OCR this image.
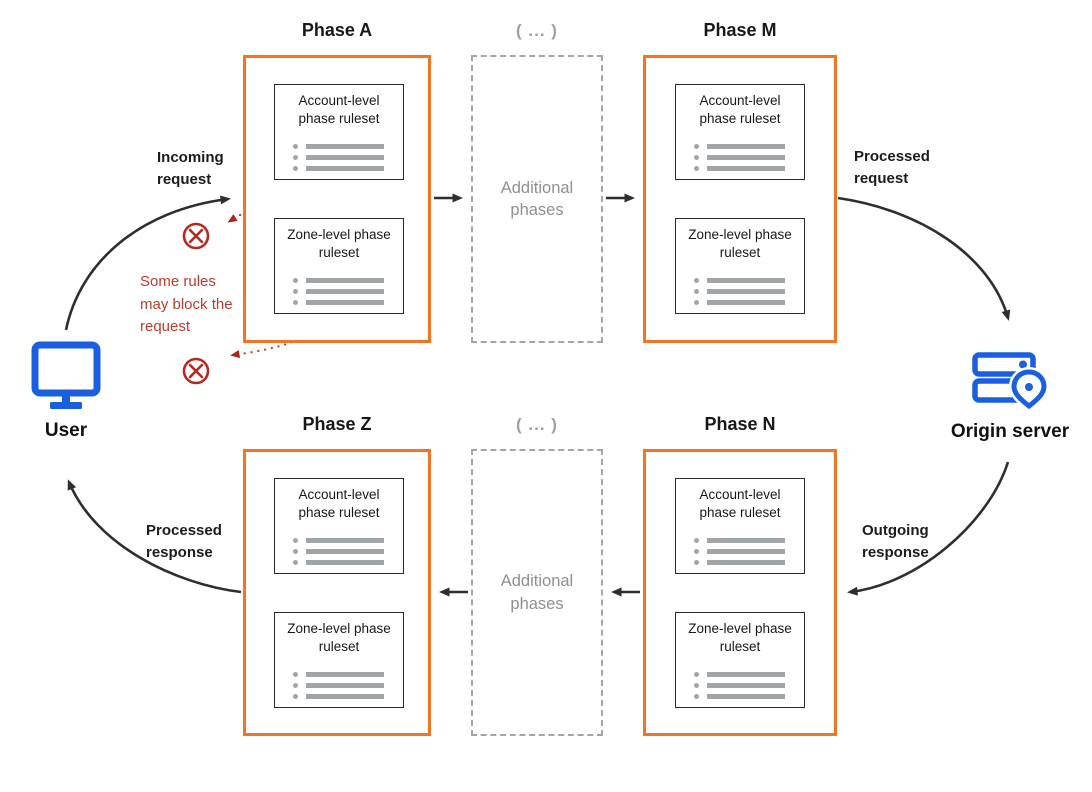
Phase A	( ... )	Phase M
Account-level phase ruleset
Zone-level phase ruleset
Additional phases
Account-level phase ruleset
Zone-level phase ruleset
Phase Z	( ... )	Phase N
Account-level phase ruleset
Zone-level phase ruleset
Additional phases
Account-level phase ruleset
Zone-level phase ruleset
User	Origin server
Incoming request
Processed request
Outgoing response
Processed response
Some rules may block the request
